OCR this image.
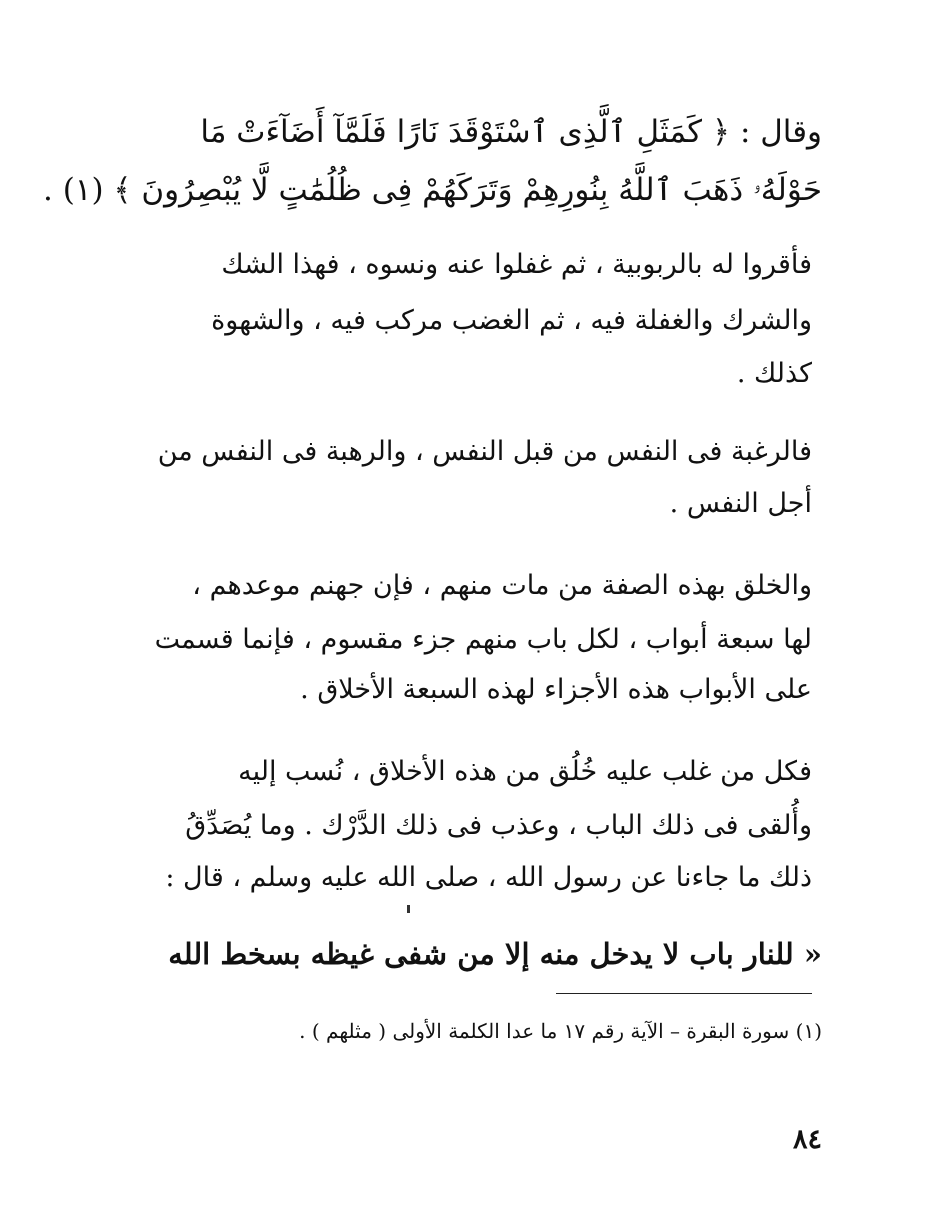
وقال : ﴿ كَمَثَلِ ٱلَّذِى ٱسْتَوْقَدَ نَارًا فَلَمَّآ أَضَآءَتْ مَا
حَوْلَهُۥ ذَهَبَ ٱللَّهُ بِنُورِهِمْ وَتَرَكَهُمْ فِى ظُلُمَٰتٍ لَّا يُبْصِرُونَ ﴾ (١) .
فأقروا له بالربوبية ، ثم غفلوا عنه ونسوه ، فهذا الشك
والشرك والغفلة فيه ، ثم الغضب مركب فيه ، والشهوة
كذلك .
فالرغبة فى النفس من قبل النفس ، والرهبة فى النفس من
أجل النفس .
والخلق بهذه الصفة من مات منهم ، فإن جهنم موعدهم ،
لها سبعة أبواب ، لكل باب منهم جزء مقسوم ، فإنما قسمت
على الأبواب هذه الأجزاء لهذه السبعة الأخلاق .
فكل من غلب عليه خُلُق من هذه الأخلاق ، نُسب إليه
وأُلقى فى ذلك الباب ، وعذب فى ذلك الدَّرْك . وما يُصَدِّقُ
ذلك ما جاءنا عن رسول الله ، صلى الله عليه وسلم ، قال :
« للنار باب لا يدخل منه إلا من شفى غيظه بسخط الله
(١) سورة البقرة – الآية رقم ١٧ ما عدا الكلمة الأولى ( مثلهم ) .
٨٤
